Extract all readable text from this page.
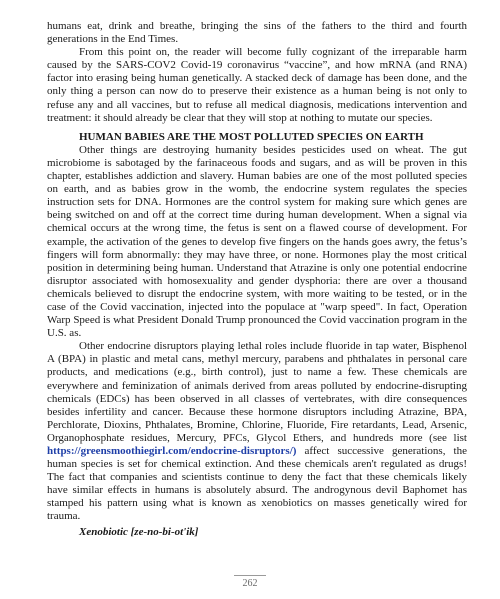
humans eat, drink and breathe, bringing the sins of the fathers to the third and fourth generations in the End Times.

From this point on, the reader will become fully cognizant of the irreparable harm caused by the SARS-COV2 Covid-19 coronavirus “vaccine”, and how mRNA (and RNA) factor into erasing being human genetically. A stacked deck of damage has been done, and the only thing a person can now do to preserve their existence as a human being is not only to refuse any and all vaccines, but to refuse all medical diagnosis, medications intervention and treatment: it should already be clear that they will stop at nothing to mutate our species.

HUMAN BABIES ARE THE MOST POLLUTED SPECIES ON EARTH

Other things are destroying humanity besides pesticides used on wheat. The gut microbiome is sabotaged by the farinaceous foods and sugars, and as will be proven in this chapter, establishes addiction and slavery. Human babies are one of the most polluted species on earth, and as babies grow in the womb, the endocrine system regulates the species instruction sets for DNA. Hormones are the control system for making sure which genes are being switched on and off at the correct time during human development. When a signal via chemical occurs at the wrong time, the fetus is sent on a flawed course of development. For example, the activation of the genes to develop five fingers on the hands goes awry, the fetus’s fingers will form abnormally: they may have three, or none. Hormones play the most critical position in determining being human. Understand that Atrazine is only one potential endocrine disruptor associated with homosexuality and gender dysphoria: there are over a thousand chemicals believed to disrupt the endocrine system, with more waiting to be tested, or in the case of the Covid vaccination, injected into the populace at "warp speed". In fact, Operation Warp Speed is what President Donald Trump pronounced the Covid vaccination program in the U.S. as.

Other endocrine disruptors playing lethal roles include fluoride in tap water, Bisphenol A (BPA) in plastic and metal cans, methyl mercury, parabens and phthalates in personal care products, and medications (e.g., birth control), just to name a few. These chemicals are everywhere and feminization of animals derived from areas polluted by endocrine-disrupting chemicals (EDCs) has been observed in all classes of vertebrates, with dire consequences besides infertility and cancer. Because these hormone disruptors including Atrazine, BPA, Perchlorate, Dioxins, Phthalates, Bromine, Chlorine, Fluoride, Fire retardants, Lead, Arsenic, Organophosphate residues, Mercury, PFCs, Glycol Ethers, and hundreds more (see list https://greensmoothiegirl.com/endocrine-disruptors/) affect successive generations, the human species is set for chemical extinction. And these chemicals aren't regulated as drugs! The fact that companies and scientists continue to deny the fact that these chemicals likely have similar effects in humans is absolutely absurd. The androgynous devil Baphomet has stamped his pattern using what is known as xenobiotics on masses genetically wired for trauma.

Xenobiotic [ze-no-bi-ot'ik]

262
